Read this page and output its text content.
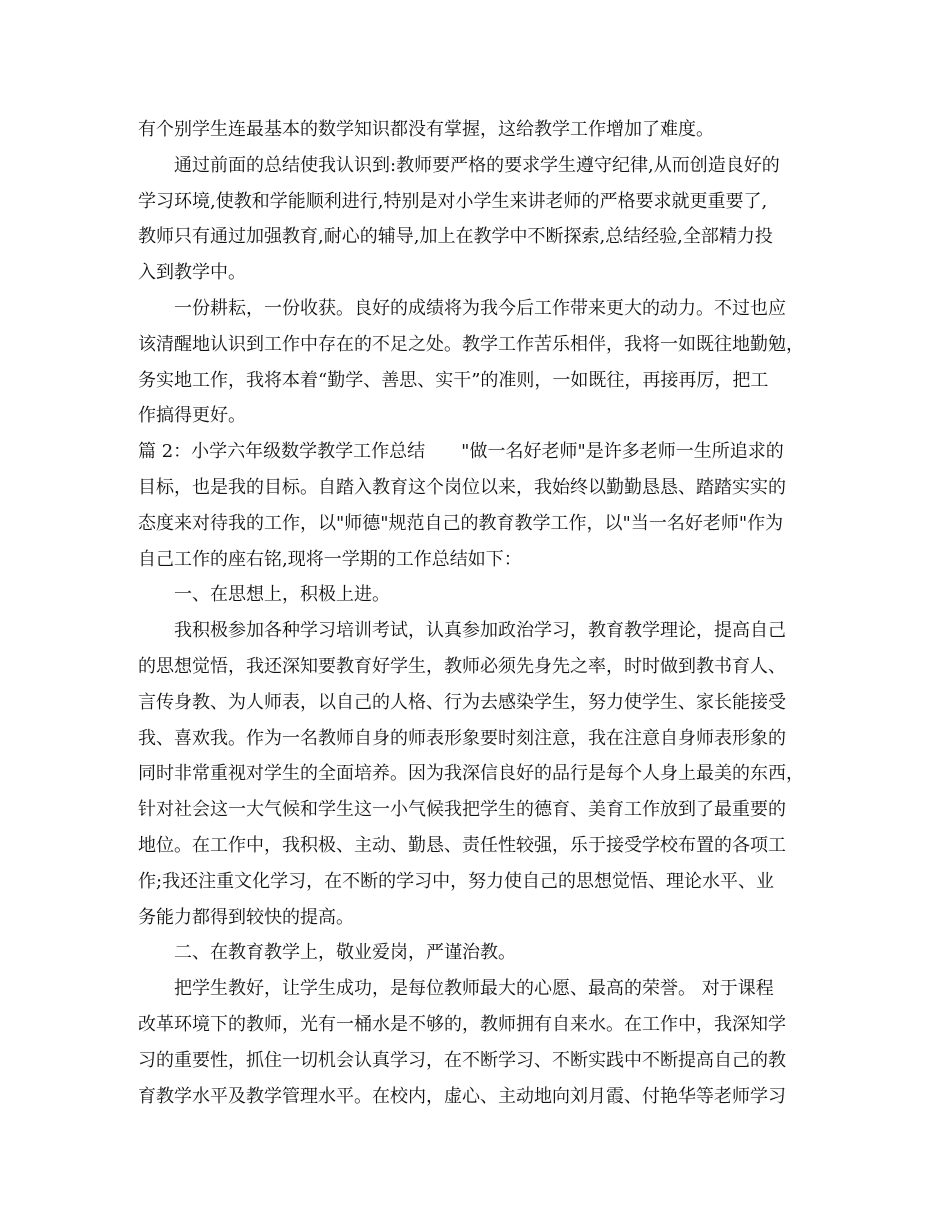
有个别学生连最基本的数学知识都没有掌握，这给教学工作增加了难度。
通过前面的总结使我认识到:教师要严格的要求学生遵守纪律,从而创造良好的
学习环境,使教和学能顺利进行,特别是对小学生来讲老师的严格要求就更重要了,
教师只有通过加强教育,耐心的辅导,加上在教学中不断探索,总结经验,全部精力投
入到教学中。
一份耕耘，一份收获。良好的成绩将为我今后工作带来更大的动力。不过也应
该清醒地认识到工作中存在的不足之处。教学工作苦乐相伴，我将一如既往地勤勉，
务实地工作，我将本着“勤学、善思、实干”的准则，一如既往，再接再厉，把工
作搞得更好。
篇 2：小学六年级数学教学工作总结　　"做一名好老师"是许多老师一生所追求的
目标，也是我的目标。自踏入教育这个岗位以来，我始终以勤勤恳恳、踏踏实实的
态度来对待我的工作，以"师德"规范自己的教育教学工作，以"当一名好老师"作为
自己工作的座右铭,现将一学期的工作总结如下：
一、在思想上，积极上进。
我积极参加各种学习培训考试，认真参加政治学习，教育教学理论，提高自己
的思想觉悟，我还深知要教育好学生，教师必须先身先之率，时时做到教书育人、
言传身教、为人师表，以自己的人格、行为去感染学生，努力使学生、家长能接受
我、喜欢我。作为一名教师自身的师表形象要时刻注意，我在注意自身师表形象的
同时非常重视对学生的全面培养。因为我深信良好的品行是每个人身上最美的东西，
针对社会这一大气候和学生这一小气候我把学生的德育、美育工作放到了最重要的
地位。在工作中，我积极、主动、勤恳、责任性较强，乐于接受学校布置的各项工
作;我还注重文化学习，在不断的学习中，努力使自己的思想觉悟、理论水平、业
务能力都得到较快的提高。
二、在教育教学上，敬业爱岗，严谨治教。
把学生教好，让学生成功，是每位教师最大的心愿、最高的荣誉。 对于课程
改革环境下的教师，光有一桶水是不够的，教师拥有自来水。在工作中，我深知学
习的重要性，抓住一切机会认真学习，在不断学习、不断实践中不断提高自己的教
育教学水平及教学管理水平。在校内，虚心、主动地向刘月霞、付艳华等老师学习
